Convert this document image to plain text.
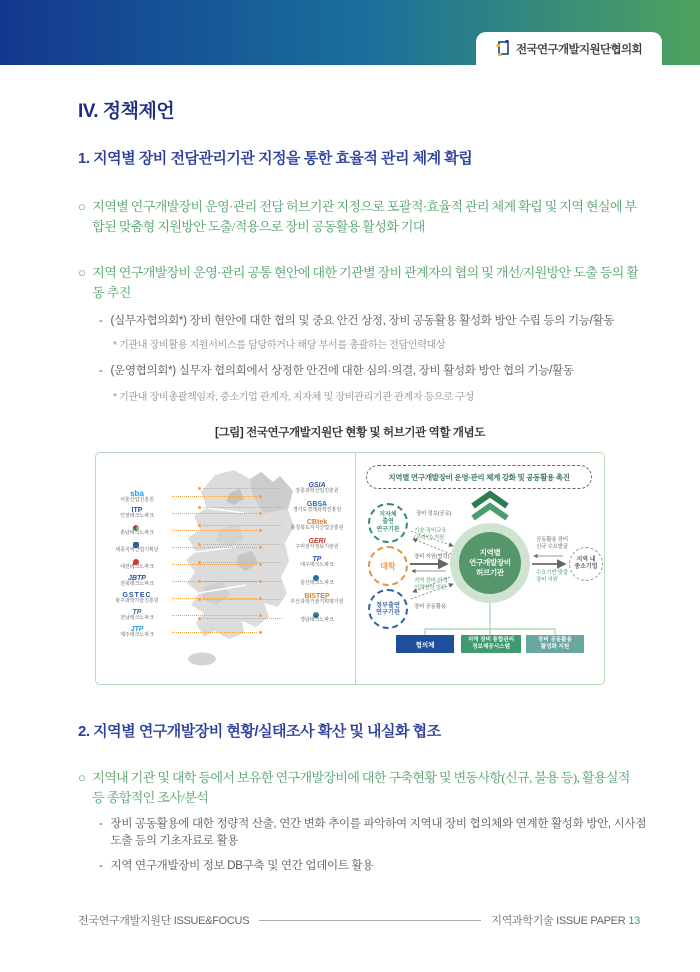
전국연구개발지원단협의회
IV. 정책제언
1. 지역별 장비 전담관리기관 지정을 통한 효율적 관리 체계 확립
○ 지역별 연구개발장비 운영·관리 전담 허브기관 지정으로 포괄적·효율적 관리 체계 확립 및 지역 현실에 부합된 맞춤형 지원방안 도출/적용으로 장비 공동활용 활성화 기대
○ 지역 연구개발장비 운영·관리 공통 현안에 대한 기관별 장비 관계자의 협의 및 개선/지원방안 도출 등의 활동 추진
- (실무자협의회*) 장비 현안에 대한 협의 및 중요 안건 상정, 장비 공동활용 활성화 방안 수립 등의 기능/활동
* 기관내 장비활용 지원서비스를 담당하거나 해당 부서를 총괄하는 전담인력대상
- (운영협의회*) 실무자 협의회에서 상정한 안건에 대한 심의·의결, 장비 활성화 방안 협의 기능/활동
* 기관내 장비총괄책임자, 중소기업 관계자, 지자체 및 장비관리기관 관계자 등으로 구성
[그림] 전국연구개발지원단 현황 및 허브기관 역할 개념도
sba
서울산업진흥원
ITP
인천테크노파크
충남테크노파크
세종지역산업기획단
대전테크노파크
JBTP
전북테크노파크
GSTEC
광주과학기술진흥원
TP
전남테크노파크
JTP
제주테크노파크
GSIA
강릉과학산업진흥원
GBSA
경기도경제과학진흥원
CBtek
충청북도지식산업진흥원
GERI
구미전자정보기술원
TP
대구테크노파크
울산테크노파크
BISTEP
부산과학기술기획평가원
경남테크노파크
지역별 연구개발장비 운영·관리 체계 강화 및 공동활용 촉진
지자체
출연
연구기관
대학
정부출연
연구기관
지역 내
중소기업
지역별
연구개발장비
허브기관
장비 정보(공유)
기술·장비교육
(온라인) 지원
장비 지원(협력)
지역 장비·인력
인력양성 지원
장비 공동활용
공동활용 장비
신규 수요발굴
수요기반 맞춤
장비 지원
협의체
지역 장비 통합관리
정보제공시스템
장비 공동활용
활성화 지원
2. 지역별 연구개발장비 현황/실태조사 확산 및 내실화 협조
○ 지역내 기관 및 대학 등에서 보유한 연구개발장비에 대한 구축현황 및 변동사항(신규, 불용 등), 활용실적 등 종합적인 조사/분석
- 장비 공동활용에 대한 정량적 산출, 연간 변화 추이를 파악하여 지역내 장비 협의체와 연계한 활성화 방안, 시사점 도출 등의 기초자료로 활용
- 지역 연구개발장비 정보 DB구축 및 연간 업데이트 활용
전국연구개발지원단 ISSUE&FOCUS	지역과학기술 ISSUE PAPER 13
